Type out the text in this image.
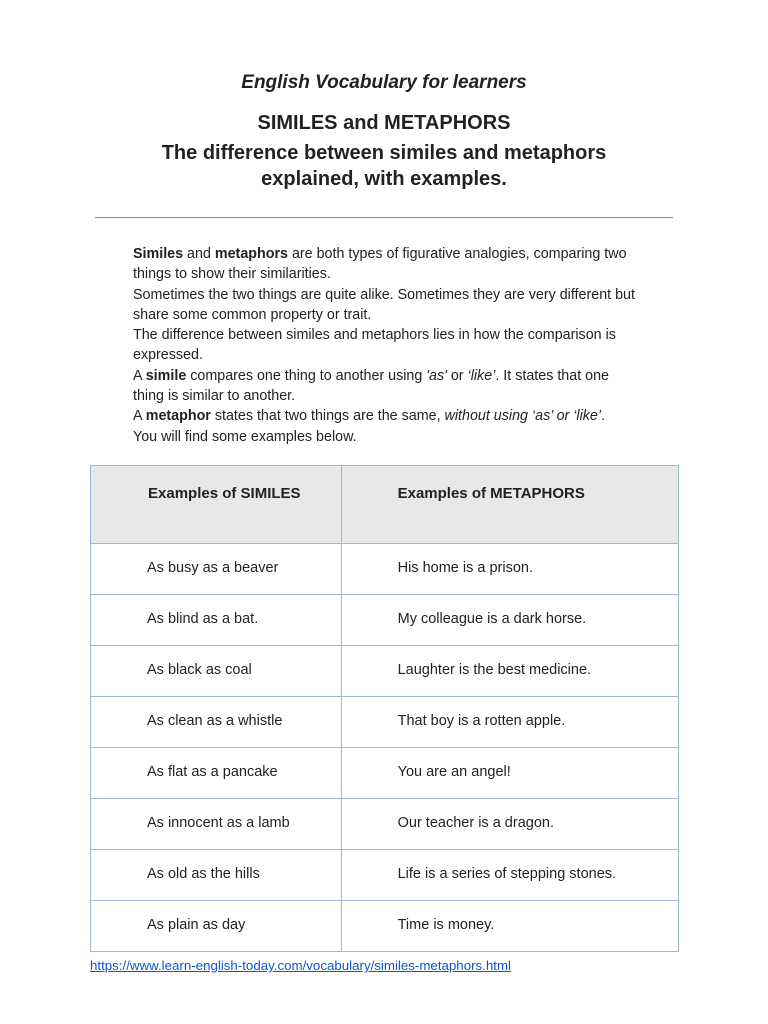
English Vocabulary for learners
SIMILES and METAPHORS
The difference between similes and metaphors
explained, with examples.

Similes and metaphors are both types of figurative analogies, comparing two things to show their similarities.

Sometimes the two things are quite alike. Sometimes they are very different but share some common property or trait.

The difference between similes and metaphors lies in how the comparison is expressed.

A simile compares one thing to another using 'as' or ‘like’. It states that one thing is similar to another.

A metaphor states that two things are the same, without using ‘as’ or ‘like’.

You will find some examples below.

Examples of SIMILES	Examples of METAPHORS

As busy as a beaver	His home is a prison.

As blind as a bat.	My colleague is a dark horse.

As black as coal	Laughter is the best medicine.

As clean as a whistle	That boy is a rotten apple.

As flat as a pancake	You are an angel!

As innocent as a lamb	Our teacher is a dragon.

As old as the hills	Life is a series of stepping stones.

As plain as day	Time is money.
https://www.learn-english-today.com/vocabulary/similes-metaphors.html
